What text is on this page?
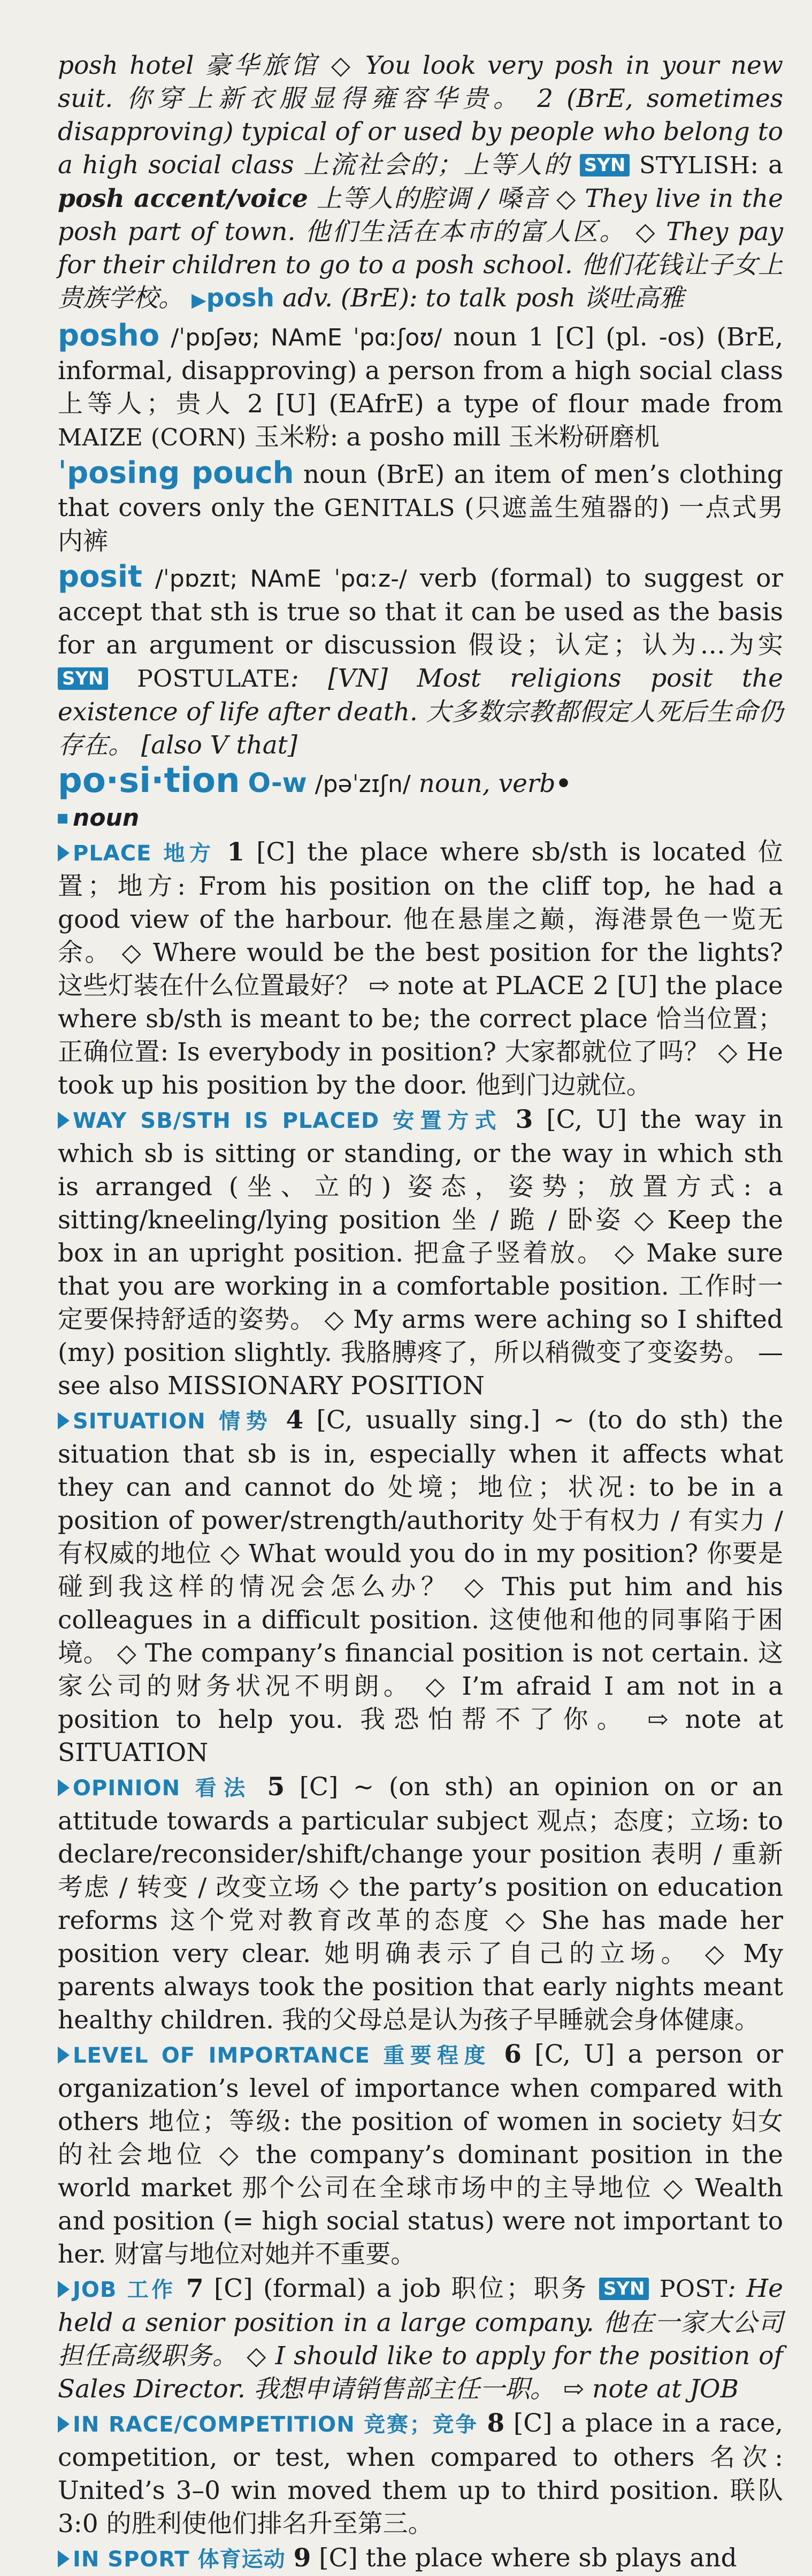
posh hotel 豪华旅馆 ◇ You look very posh in your new suit. 你穿上新衣服显得雍容华贵。 2 (BrE, sometimes disapproving) typical of or used by people who belong to a high social class 上流社会的；上等人的 SYN STYLISH: a posh accent/voice 上等人的腔调 / 嗓音 ◇ They live in the posh part of town. 他们生活在本市的富人区。 ◇ They pay for their children to go to a posh school. 他们花钱让子女上贵族学校。 ▶posh adv. (BrE): to talk posh 谈吐高雅
posho /ˈpɒʃəʊ; NAmE ˈpɑːʃoʊ/ noun 1 [C] (pl. -os) (BrE, informal, disapproving) a person from a high social class 上等人；贵人 2 [U] (EAfrE) a type of flour made from MAIZE (CORN) 玉米粉: a posho mill 玉米粉研磨机
ˈposing pouch noun (BrE) an item of men’s clothing that covers only the GENITALS (只遮盖生殖器的) 一点式男内裤
posit /ˈpɒzɪt; NAmE ˈpɑːz-/ verb (formal) to suggest or accept that sth is true so that it can be used as the basis for an argument or discussion 假设；认定；认为…为实 SYN POSTULATE: [VN] Most religions posit the existence of life after death. 大多数宗教都假定人死后生命仍存在。 [also V that]
po·si·tion O-w /pəˈzɪʃn/ noun, verb•
noun
PLACE 地方 1 [C] the place where sb/sth is located 位置；地方: From his position on the cliff top, he had a good view of the harbour. 他在悬崖之巅，海港景色一览无余。 ◇ Where would be the best position for the lights? 这些灯装在什么位置最好？ ⇨ note at PLACE 2 [U] the place where sb/sth is meant to be; the correct place 恰当位置；正确位置: Is everybody in position? 大家都就位了吗？ ◇ He took up his position by the door. 他到门边就位。
WAY SB/STH IS PLACED 安置方式 3 [C, U] the way in which sb is sitting or standing, or the way in which sth is arranged (坐、立的) 姿态，姿势；放置方式: a sitting/kneeling/lying position 坐 / 跪 / 卧姿 ◇ Keep the box in an upright position. 把盒子竖着放。 ◇ Make sure that you are working in a comfortable position. 工作时一定要保持舒适的姿势。 ◇ My arms were aching so I shifted (my) position slightly. 我胳膊疼了，所以稍微变了变姿势。 — see also MISSIONARY POSITION
SITUATION 情势 4 [C, usually sing.] ~ (to do sth) the situation that sb is in, especially when it affects what they can and cannot do 处境；地位；状况: to be in a position of power/strength/authority 处于有权力 / 有实力 / 有权威的地位 ◇ What would you do in my position? 你要是碰到我这样的情况会怎么办？ ◇ This put him and his colleagues in a difficult position. 这使他和他的同事陷于困境。 ◇ The company’s financial position is not certain. 这家公司的财务状况不明朗。 ◇ I’m afraid I am not in a position to help you. 我恐怕帮不了你。 ⇨ note at SITUATION
OPINION 看法 5 [C] ~ (on sth) an opinion on or an attitude towards a particular subject 观点；态度；立场: to declare/reconsider/shift/change your position 表明 / 重新考虑 / 转变 / 改变立场 ◇ the party’s position on education reforms 这个党对教育改革的态度 ◇ She has made her position very clear. 她明确表示了自己的立场。 ◇ My parents always took the position that early nights meant healthy children. 我的父母总是认为孩子早睡就会身体健康。
LEVEL OF IMPORTANCE 重要程度 6 [C, U] a person or organization’s level of importance when compared with others 地位；等级: the position of women in society 妇女的社会地位 ◇ the company’s dominant position in the world market 那个公司在全球市场中的主导地位 ◇ Wealth and position (= high social status) were not important to her. 财富与地位对她并不重要。
JOB 工作 7 [C] (formal) a job 职位；职务 SYN POST: He held a senior position in a large company. 他在一家大公司担任高级职务。 ◇ I should like to apply for the position of Sales Director. 我想申请销售部主任一职。 ⇨ note at JOB
IN RACE/COMPETITION 竞赛；竞争 8 [C] a place in a race, competition, or test, when compared to others 名次: United’s 3–0 win moved them up to third position. 联队 3:0 的胜利使他们排名升至第三。
IN SPORT 体育运动 9 [C] the place where sb plays and
